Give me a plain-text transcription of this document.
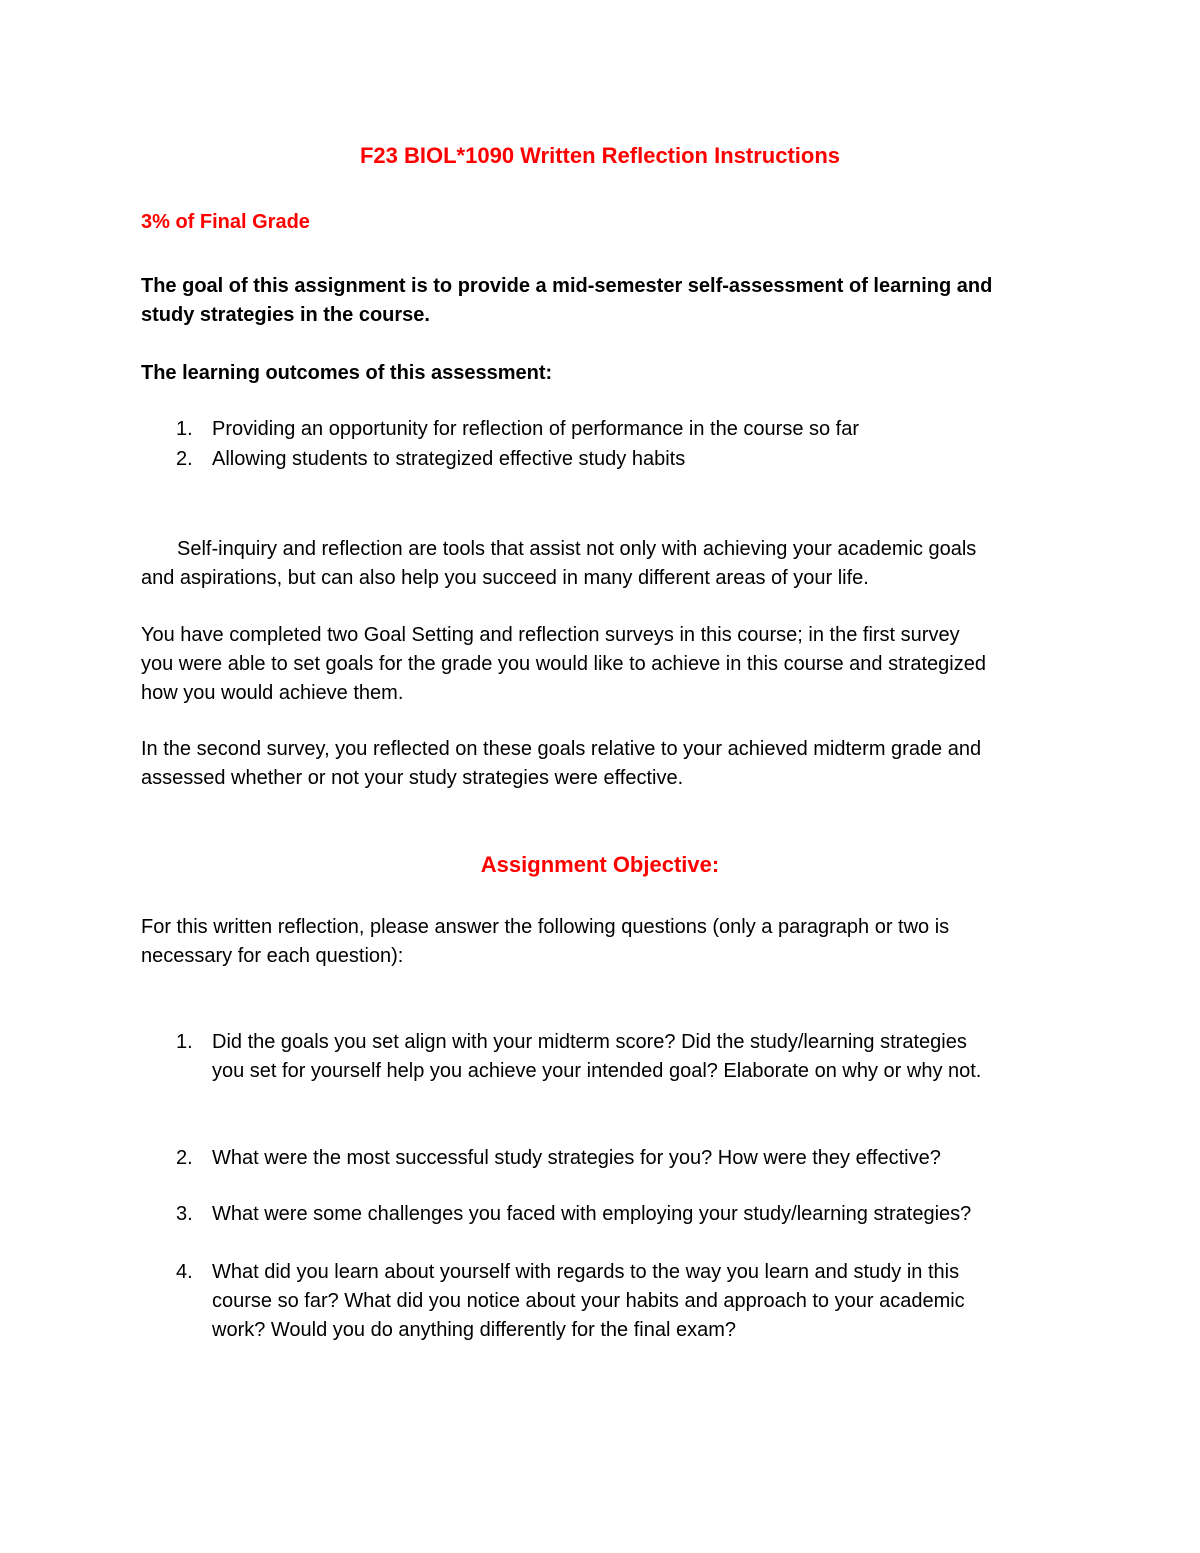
F23 BIOL*1090 Written Reflection Instructions

3% of Final Grade

The goal of this assignment is to provide a mid-semester self-assessment of learning and
study strategies in the course.

The learning outcomes of this assessment:

1. Providing an opportunity for reflection of performance in the course so far
2. Allowing students to strategized effective study habits
Self-inquiry and reflection are tools that assist not only with achieving your academic goals
and aspirations, but can also help you succeed in many different areas of your life.
You have completed two Goal Setting and reflection surveys in this course; in the first survey
you were able to set goals for the grade you would like to achieve in this course and strategized
how you would achieve them.
In the second survey, you reflected on these goals relative to your achieved midterm grade and
assessed whether or not your study strategies were effective.

Assignment Objective:

For this written reflection, please answer the following questions (only a paragraph or two is
necessary for each question):
1. Did the goals you set align with your midterm score? Did the study/learning strategies
you set for yourself help you achieve your intended goal? Elaborate on why or why not.
2. What were the most successful study strategies for you? How were they effective?
3. What were some challenges you faced with employing your study/learning strategies?
4. What did you learn about yourself with regards to the way you learn and study in this
course so far? What did you notice about your habits and approach to your academic
work? Would you do anything differently for the final exam?
